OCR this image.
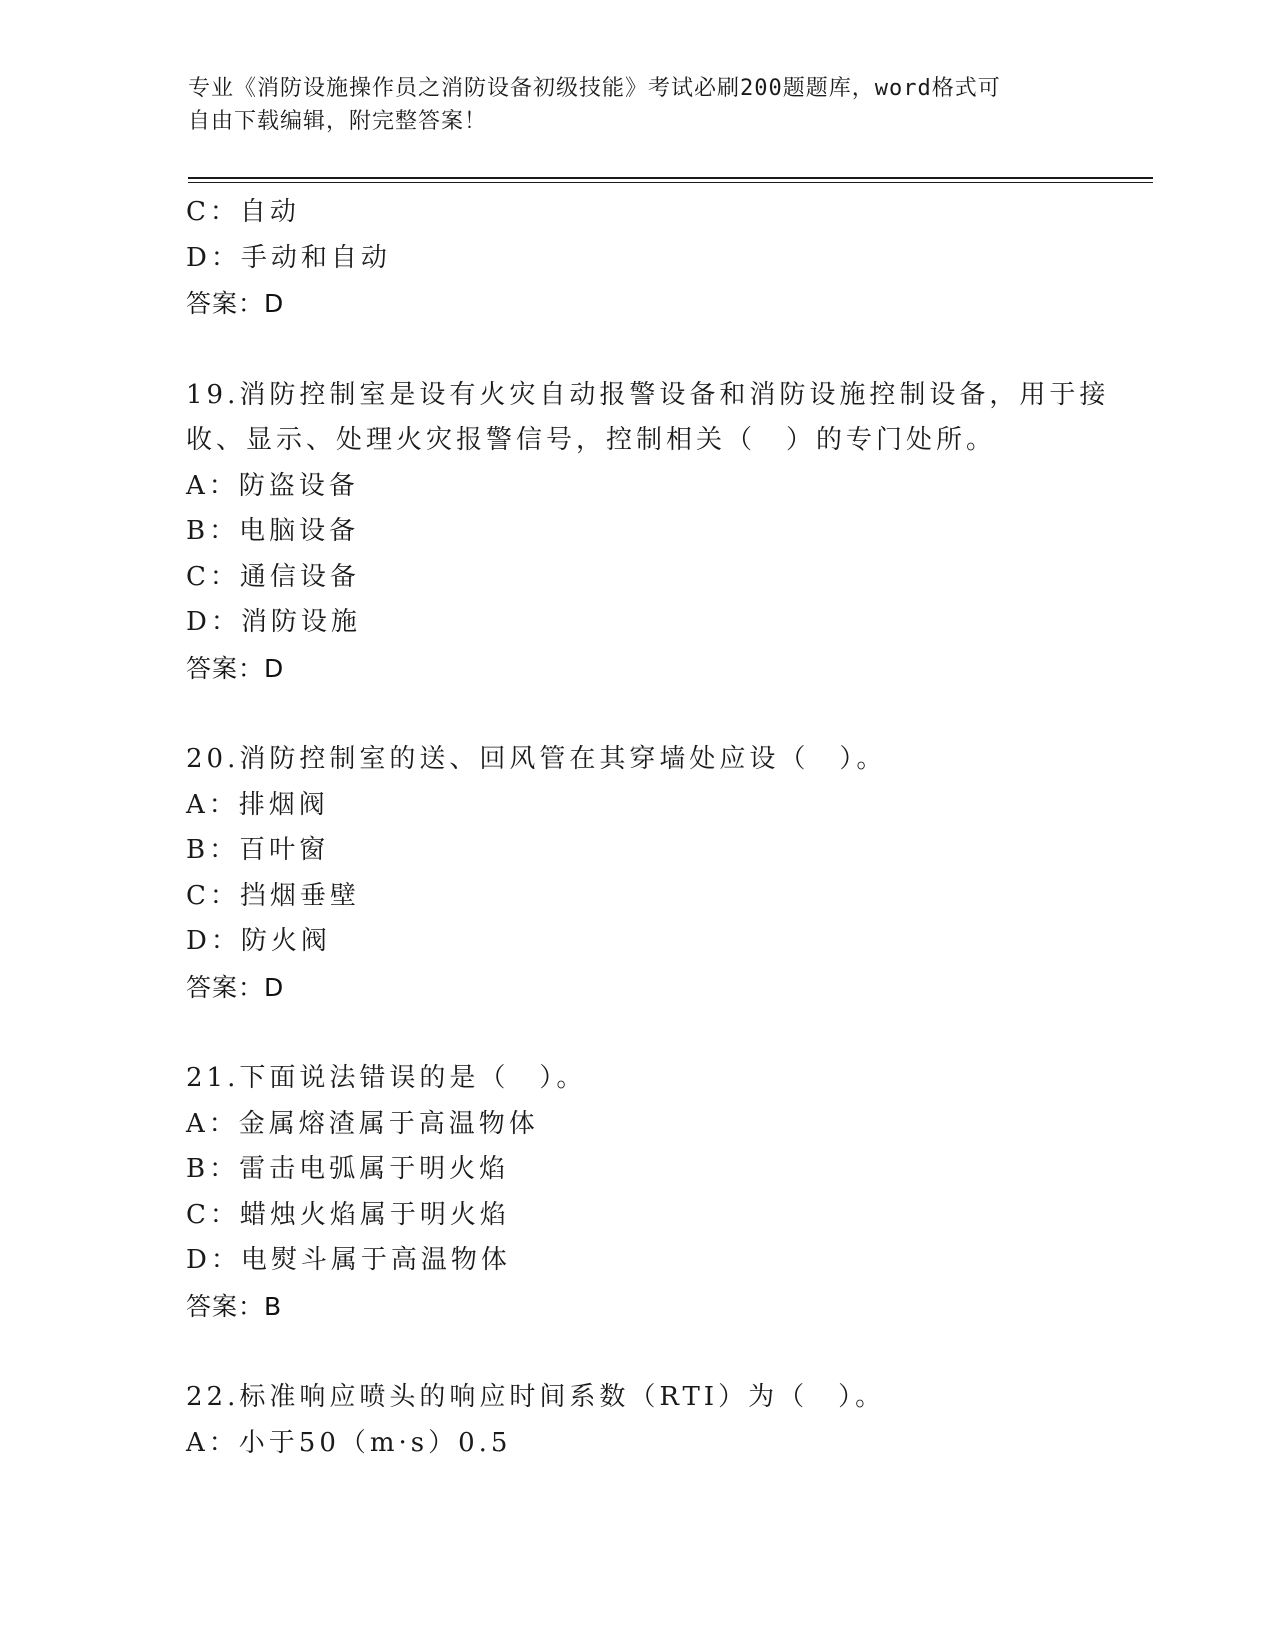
专业《消防设施操作员之消防设备初级技能》考试必刷200题题库，word格式可
自由下载编辑，附完整答案！
C：自动
D：手动和自动
答案：D
19.消防控制室是设有火灾自动报警设备和消防设施控制设备，用于接
收、显示、处理火灾报警信号，控制相关（　）的专门处所。
A：防盗设备
B：电脑设备
C：通信设备
D：消防设施
答案：D
20.消防控制室的送、回风管在其穿墙处应设（　）。
A：排烟阀
B：百叶窗
C：挡烟垂壁
D：防火阀
答案：D
21.下面说法错误的是（　）。
A：金属熔渣属于高温物体
B：雷击电弧属于明火焰
C：蜡烛火焰属于明火焰
D：电熨斗属于高温物体
答案：B
22.标准响应喷头的响应时间系数（RTI）为（　）。
A：小于50（m·s）0.5
